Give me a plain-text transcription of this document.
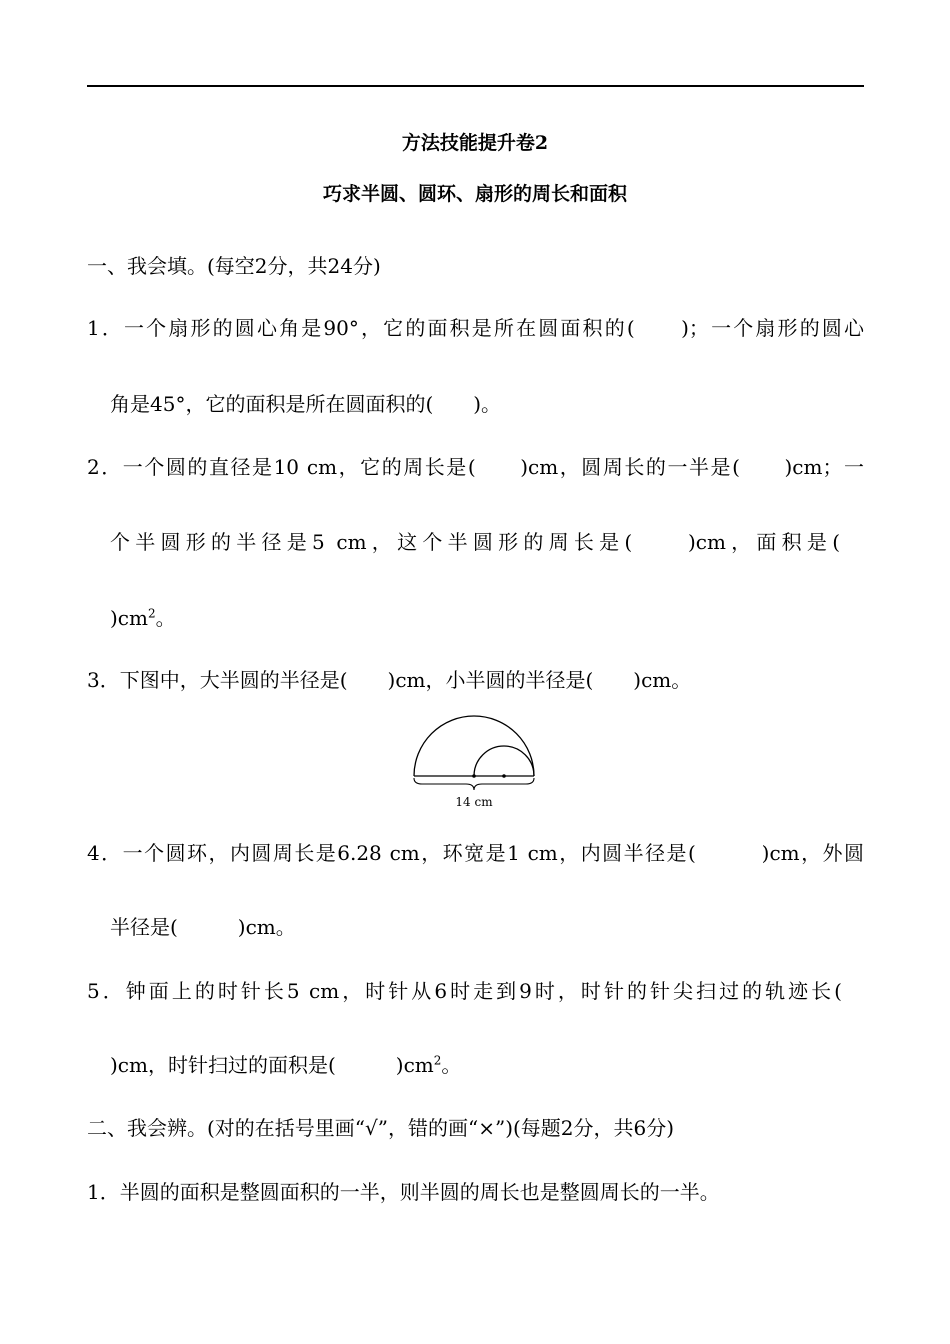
方法技能提升卷2
巧求半圆、圆环、扇形的周长和面积
一、我会填。(每空2分，共24分)
1．一个扇形的圆心角是90°，它的面积是所在圆面积的(　　)；一个扇形的圆心
角是45°，它的面积是所在圆面积的(　　)。
2．一个圆的直径是10 cm，它的周长是(　　)cm，圆周长的一半是(　　)cm；一
个半圆形的半径是5 cm，这个半圆形的周长是(　　)cm，面积是(
)$cm^2$。
3．下图中，大半圆的半径是(　　)cm，小半圆的半径是(　　)cm。
14 cm
4．一个圆环，内圆周长是6.28 cm，环宽是1 cm，内圆半径是(　　　)cm，外圆
半径是(　　　)cm。
5．钟面上的时针长5 cm，时针从6时走到9时，时针的针尖扫过的轨迹长(
)cm，时针扫过的面积是(　　　)$cm^2$。
二、我会辨。(对的在括号里画“√”，错的画“×”)(每题2分，共6分)
1．半圆的面积是整圆面积的一半，则半圆的周长也是整圆周长的一半。
